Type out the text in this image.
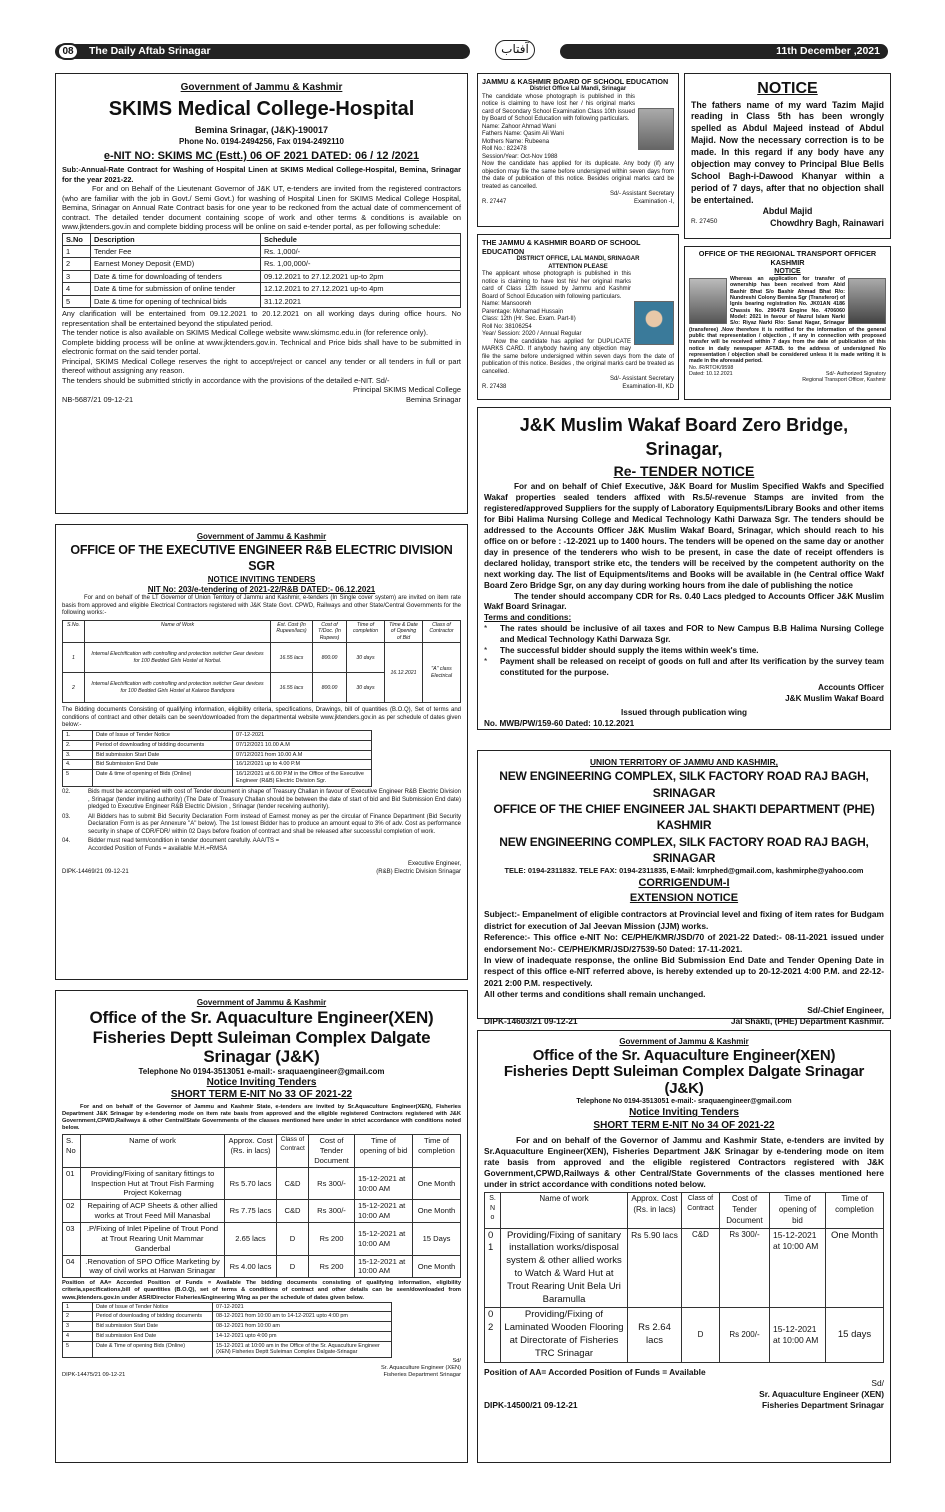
08	The Daily Aftab Srinagar	آفتاب	11th December ,2021
Government of Jammu & Kashmir
SKIMS Medical College-Hospital
Bemina Srinagar, (J&K)-190017
Phone No. 0194-2494256, Fax 0194-2492110
e-NIT NO: SKIMS MC (Estt.) 06 OF 2021 DATED: 06 / 12 /2021
Sub:-Annual-Rate Contract for Washing of Hospital Linen at SKIMS Medical College-Hospital, Bemina, Srinagar for the year 2021-22.
For and on Behalf of the Lieutenant Governor of J&K UT, e-tenders are invited from the registered contractors (who are familiar with the job in Govt./ Semi Govt.) for washing of Hospital Linen for SKIMS Medical College Hospital, Bemina, Srinagar on Annual Rate Contract basis for one year to be reckoned from the actual date of commencement of contract. The detailed tender document containing scope of work and other terms & conditions is available on www.jktenders.gov.in and complete bidding process will be online on said e-tender portal, as per following schedule:
S.No	Description	Schedule
1	Tender Fee	Rs. 1,000/-
2	Earnest Money Deposit (EMD)	Rs. 1,00,000/-
3	Date & time for downloading of tenders	09.12.2021 to 27.12.2021 up-to 2pm
4	Date & time for submission of online tender	12.12.2021 to 27.12.2021 up-to 4pm
5	Date & time for opening of technical bids	31.12.2021
Any clarification will be entertained from 09.12.2021 to 20.12.2021 on all working days during office hours. No representation shall be entertained beyond the stipulated period.
The tender notice is also available on SKIMS Medical College website www.skimsmc.edu.in (for reference only).
Complete bidding process will be online at www.jktenders.gov.in. Technical and Price bids shall have to be submitted in electronic format on the said tender portal.
Principal, SKIMS Medical College reserves the right to accept/reject or cancel any tender or all tenders in full or part thereof without assigning any reason.
The tenders should be submitted strictly in accordance with the provisions of the detailed e-NIT. Sd/-
Principal SKIMS Medical College
NB-5687/21 09-12-21	Bemina Srinagar
JAMMU & KASHMIR BOARD OF SCHOOL EDUCATION
District Office Lal Mandi, Srinagar
The candidate whose photograph is published in this notice is claiming to have lost her / his original marks card of Secondary School Examination Class 10th issued by Board of School Education with following particulars.
Name: Zahoor Ahmad Wani
Fathers Name: Qasim Ali Wani
Mothers Name: Rubeena
Roll No.: 822478
Session/Year: Oct-Nov 1988
Now the candidate has applied for its duplicate. Any body (if) any objection may file the same before undersigned within seven days from the date of publication of this notice. Besides original marks card be treated as cancelled.
Sd/- Assistant Secretary
R. 27447	Examination -I,
THE JAMMU & KASHMIR BOARD OF SCHOOL EDUCATION
DISTRICT OFFICE, LAL MANDI, SRINAGAR
ATTENTION PLEASE
The applicant whose photograph is published in this notice is claiming to have lost his/ her original marks card of Class 12th issued by Jammu and Kashmir Board of School Education with following particulars.
Name: Mansooreh
Parentage: Mohamad Hussain
Class: 12th (Hr. Sec. Exam. Part-II)
Roll No: 38106254
Year/ Session: 2020 / Annual Regular
Now the candidate has applied for DUPLICATE MARKS CARD. If anybody having any objection may file the same before undersigned within seven days from the date of publication of this notice. Besides , the original marks card be treated as cancelled.
Sd/- Assistant Secretary
R. 27438	Examination-III, KD
NOTICE
The fathers name of my ward Tazim Majid reading in Class 5th has been wrongly spelled as Abdul Majeed instead of Abdul Majid. Now the necessary correction is to be made. In this regard if any body have any objection may convey to Principal Blue Bells School Bagh-i-Dawood Khanyar within a period of 7 days, after that no objection shall be entertained.
Abdul Majid
R. 27450	Chowdhry Bagh, Rainawari
OFFICE OF THE REGIONAL TRANSPORT OFFICER KASHMIR
NOTICE
Whereas an application for transfer of ownership has been received from Abid Bashir Bhat S/o Bashir Ahmad Bhat R/o: Nundreshi Colony Bemina Sgr (Transferor) of Ignis bearing registration No. JK01AN 4186 Chassis No. 290478 Engine No. 4706060 Model: 2021 in favour of Nazrul Islam Narki S/o: Riyaz Narki R/o: Sanat Nagar, Srinagar (transferee) .Now therefore it is notified for the information of the general public that representation / objection , if any in connection with proposed transfer will be received within 7 days from the date of publication of this notice in daily newspaper AFTAB. to the address of undersigned No representation / objection shall be considered unless it is made writing it is made in the aforesaid period.
No. /R/RTOK/9598
Dated: 10.12.2021	Sd/- Authorized Signatory
Regional Transport Officer, Kashmir
J&K Muslim Wakaf Board Zero Bridge, Srinagar,
Re- TENDER NOTICE
For and on behalf of Chief Executive, J&K Board for Muslim Specified Wakfs and Specified Wakaf properties sealed tenders affixed with Rs.5/-revenue Stamps are invited from the registered/approved Suppliers for the supply of Laboratory Equipments/Library Books and other items for Bibi Halima Nursing College and Medical Technology Kathi Darwaza Sgr. The tenders should be addressed to the Accounts Officer J&K Muslim Wakaf Board, Srinagar, which should reach to his office on or before : -12-2021 up to 1400 hours. The tenders will be opened on the same day or another day in presence of the tenderers who wish to be present, in case the date of receipt offenders is declared holiday, transport strike etc, the tenders will be received by the competent authority on the next working day. The list of Equipments/items and Books will be available in (he Central office Wakf Board Zero Bridge Sgr, on any day during working hours from ihe dale of publishing the notice
The tender should accompany CDR for Rs. 0.40 Lacs pledged to Accounts Officer J&K Muslim Wakf Board Srinagar.
Terms and conditions:
*	The rates should be inclusive of ail taxes and FOR to New Campus B.B Halima Nursing College and Medical Technology Kathi Darwaza Sgr.
*	The successful bidder should supply the items within week's time.
*	Payment shall be released on receipt of goods on full and after Its verification by the survey team constituted for the purpose.
Accounts Officer
J&K Muslim Wakaf Board
Issued through publication wing
No. MWB/PW/159-60 Dated: 10.12.2021
Government of Jammu & Kashmir
OFFICE OF THE EXECUTIVE ENGINEER R&B ELECTRIC DIVISION SGR
NOTICE INVITING TENDERS
NIT No: 203/e-tendering of 2021-22/R&B DATED:- 06.12.2021
For and on behalf of the LT Governor of Union Territory of Jammu and Kashmir, e-tenders (In Single cover system) are invited on item rate basis from approved and eligible Electrical Contractors registered with J&K State Govt. CPWD, Railways and other State/Central Governments for the following works:-
S.No.	Name of Work	Est. Cost (In Rupees/lacs)	Cost of T/Doc. (In Rupees)	Time of completion	Time & Date of Opening of Bid	Class of Contractor
1	Internal Electrification with controlling and protection switcher Gear devices for 100 Bedded Girls Hostel at Norbal.	16.55 lacs	800.00	30 days	16.12.2021	"A" class Electrical
2	Internal Electrification with controlling and protection switcher Gear devices for 100 Bedded Girls Hostel at Kalaroo Bandipora	16.55 lacs	800.00	30 days		
The Bidding documents Consisting of qualifying information, eligibility criteria, specifications, Drawings, bill of quantities (B.O.Q), Set of terms and conditions of contract and other details can be seen/downloaded from the departmental website www.jktenders.gov.in as per schedule of dates given below:-
1.	Date of Issue of Tender Notice	07-12-2021
2.	Period of downloading of bidding documents	07/12/2021 10.00 A.M
3.	Bid submission Start Date	07/12/2021 from 10.00 A.M
4.	Bid Submission End Date	16/12/2021 up to 4.00 P.M
5	Date & time of opening of Bids (Online)	16/12/2021 at 6.00 P.M in the Office of the Executive Engineer (R&B) Electric Division Sgr.
02.	Bids must be accompanied with cost of Tender document in shape of Treasury Challan in favour of Executive Engineer R&B Electric Division , Srinagar (tender inviting authority) (The Date of Treasury Challan should be between the date of start of bid and Bid Submission End date) pledged to Executive Engineer R&B Electric Division , Srinagar (tender receiving authority).
03.	All Bidders has to submit Bid Security Declaration Form instead of Earnest money as per the circular of Finance Department (Bid Security Declaration Form is as per Annexure "A" below). The 1st lowest Bidder has to produce an amount equal to 3% of adv. Cost as performance security in shape of CDR/FDR/ within 02 Days before fixation of contract and shall be released after successful completion of work.
04.	Bidder must read term/condition in tender document carefully. AAA/TS = Accorded Position of Funds = available M.H.=RMSA
Executive Engineer,
DIPK-14469/21 09-12-21	(R&B) Electric Division Srinagar
UNION TERRITORY OF JAMMU AND KASHMIR,
NEW ENGINEERING COMPLEX, SILK FACTORY ROAD RAJ BAGH, SRINAGAR
OFFICE OF THE CHIEF ENGINEER JAL SHAKTI DEPARTMENT (PHE) KASHMIR
NEW ENGINEERING COMPLEX, SILK FACTORY ROAD RAJ BAGH, SRINAGAR
TELE: 0194-2311832. TELE FAX: 0194-2311835, E-Mail: kmrphed@gmail.com, kashmirphe@yahoo.com
CORRIGENDUM-I
EXTENSION NOTICE
Subject:- Empanelment of eligible contractors at Provincial level and fixing of item rates for Budgam district for execution of Jal Jeevan Mission (JJM) works.
Reference:- This office e-NIT No: CE/PHE/KMR/JSD/70 of 2021-22 Dated:- 08-11-2021 issued under endorsement No:- CE/PHE/KMR/JSD/27539-50 Dated: 17-11-2021.
In view of inadequate response, the online Bid Submission End Date and Tender Opening Date in respect of this office e-NIT referred above, is hereby extended up to 20-12-2021 4:00 P.M. and 22-12-2021 2:00 P.M. respectively.
All other terms and conditions shall remain unchanged.
Sd/-Chief Engineer,
DIPK-14603/21 09-12-21	Jal Shakti, (PHE) Department Kashmir.
Government of Jammu & Kashmir
Office of the Sr. Aquaculture Engineer(XEN)
Fisheries Deptt Suleiman Complex Dalgate Srinagar (J&K)
Telephone No 0194-3513051 e-mail:- sraquaengineer@gmail.com
Notice Inviting Tenders
SHORT TERM E-NIT No 33 OF 2021-22
For and on behalf of the Governor of Jammu and Kashmir State, e-tenders are invited by Sr.Aquaculture Engineer(XEN), Fisheries Department J&K Srinagar by e-tendering mode on item rate basis from approved and the eligible registered Contractors registered with J&K Government,CPWD,Railways & other Central/State Governments of the classes mentioned here under in strict accordance with conditions noted below.
S. No	Name of work	Approx. Cost (Rs. in lacs)	Class of Contract	Cost of Tender Document	Time of opening of bid	Time of completion
01	Providing/Fixing of sanitary fittings to Inspection Hut at Trout Fish Farming Project Kokernag	Rs 5.70 lacs	C&D	Rs 300/-	15-12-2021 at 10:00 AM	One Month
02	Repairing of ACP Sheets & other allied works at Trout Feed Mill Manasbal	Rs 7.75 lacs	C&D	Rs 300/-	15-12-2021 at 10:00 AM	One Month
03	.P/Fixing of Inlet Pipeline of Trout Pond at Trout Rearing Unit Mammar Ganderbal	2.65 lacs	D	Rs 200	15-12-2021 at 10:00 AM	15 Days
04	.Renovation of SPO Office Marketing by way of civil works at Harwan Srinagar	Rs 4.00 lacs	D	Rs 200	15-12-2021 at 10:00 AM	One Month
Position of AA= Accorded Position of Funds = Available The bidding documents consisting of qualifying information, eligibility criteria,specifications,bill of quantities (B.O.Q), set of terms & conditions of contract and other details can be seen/downloaded from www.jktenders.gov.in under ASR/Director Fisheries/Engineering Wing as per the schedule of dates given below.
1	Date of Issue of Tender Notice	07-12-2021
2	Period of downloading of bidding documents	08-12-2021 from 10:00 am to 14-12-2021 upto 4:00 pm
3	Bid submission Start Date	08-12-2021 from 10:00 am
4	Bid submission End Date	14-12-2021 upto 4:00 pm
5	Date & Time of opening Bids (Online)	15-12-2021 at 10:00 am in the Office of the Sr. Aquaculture Engineer (XEN) Fisheries Deptt Suleiman Complex Dalgate-Srinagar
Sd/
Sr. Aquaculture Engineer (XEN)
DIPK-14475/21 09-12-21	Fisheries Department Srinagar
Government of Jammu & Kashmir
Office of the Sr. Aquaculture Engineer(XEN)
Fisheries Deptt Suleiman Complex Dalgate Srinagar (J&K)
Telephone No 0194-3513051 e-mail:- sraquaengineer@gmail.com
Notice Inviting Tenders
SHORT TERM E-NIT No 34 OF 2021-22
For and on behalf of the Governor of Jammu and Kashmir State, e-tenders are invited by Sr.Aquaculture Engineer(XEN), Fisheries Department J&K Srinagar by e-tendering mode on item rate basis from approved and the eligible registered Contractors registered with J&K Government,CPWD,Railways & other Central/State Governments of the classes mentioned here under in strict accordance with conditions noted below.
S. N o	Name of work	Approx. Cost (Rs. in lacs)	Class of Contract	Cost of Tender Document	Time of opening of bid	Time of completion
0 1	Providing/Fixing of sanitary installation works/disposal system & other allied works to Watch & Ward Hut at Trout Rearing Unit Bela Uri Baramulla	Rs 5.90 lacs	C&D	Rs 300/-	15-12-2021 at 10:00 AM	One Month
0 2	Providing/Fixing of Laminated Wooden Flooring at Directorate of Fisheries TRC Srinagar	Rs 2.64 lacs	D	Rs 200/-	15-12-2021 at 10:00 AM	15 days
Position of AA= Accorded Position of Funds = Available
Sd/
Sr. Aquaculture Engineer (XEN)
DIPK-14500/21 09-12-21	Fisheries Department Srinagar
